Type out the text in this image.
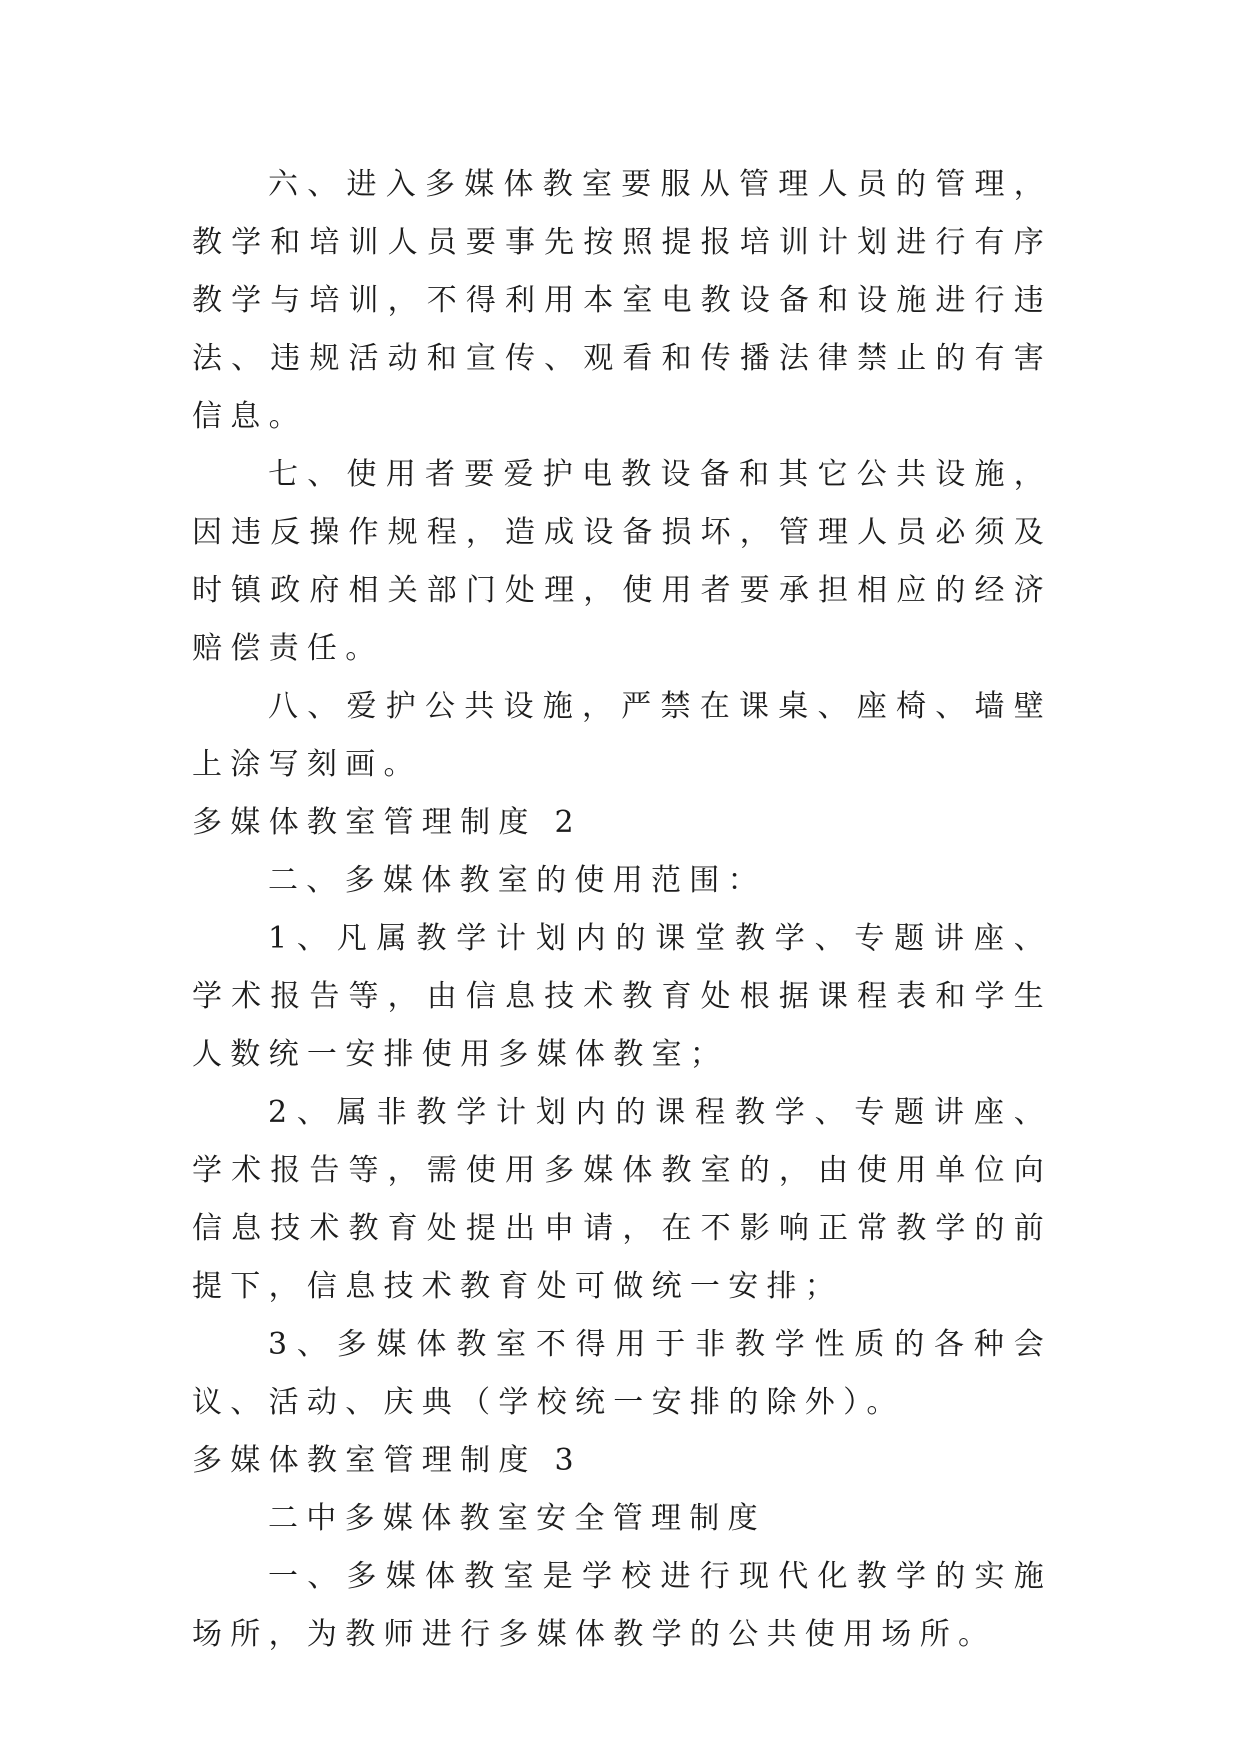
六、进入多媒体教室要服从管理人员的管理，教学和培训人员要事先按照提报培训计划进行有序教学与培训，不得利用本室电教设备和设施进行违法、违规活动和宣传、观看和传播法律禁止的有害信息。

七、使用者要爱护电教设备和其它公共设施，因违反操作规程，造成设备损坏，管理人员必须及时镇政府相关部门处理，使用者要承担相应的经济赔偿责任。

八、爱护公共设施，严禁在课桌、座椅、墙壁上涂写刻画。

多媒体教室管理制度 2

二、多媒体教室的使用范围：

1、凡属教学计划内的课堂教学、专题讲座、学术报告等，由信息技术教育处根据课程表和学生人数统一安排使用多媒体教室；

2、属非教学计划内的课程教学、专题讲座、学术报告等，需使用多媒体教室的，由使用单位向信息技术教育处提出申请，在不影响正常教学的前提下，信息技术教育处可做统一安排；

3、多媒体教室不得用于非教学性质的各种会议、活动、庆典（学校统一安排的除外）。

多媒体教室管理制度 3

二中多媒体教室安全管理制度

一、多媒体教室是学校进行现代化教学的实施场所，为教师进行多媒体教学的公共使用场所。
